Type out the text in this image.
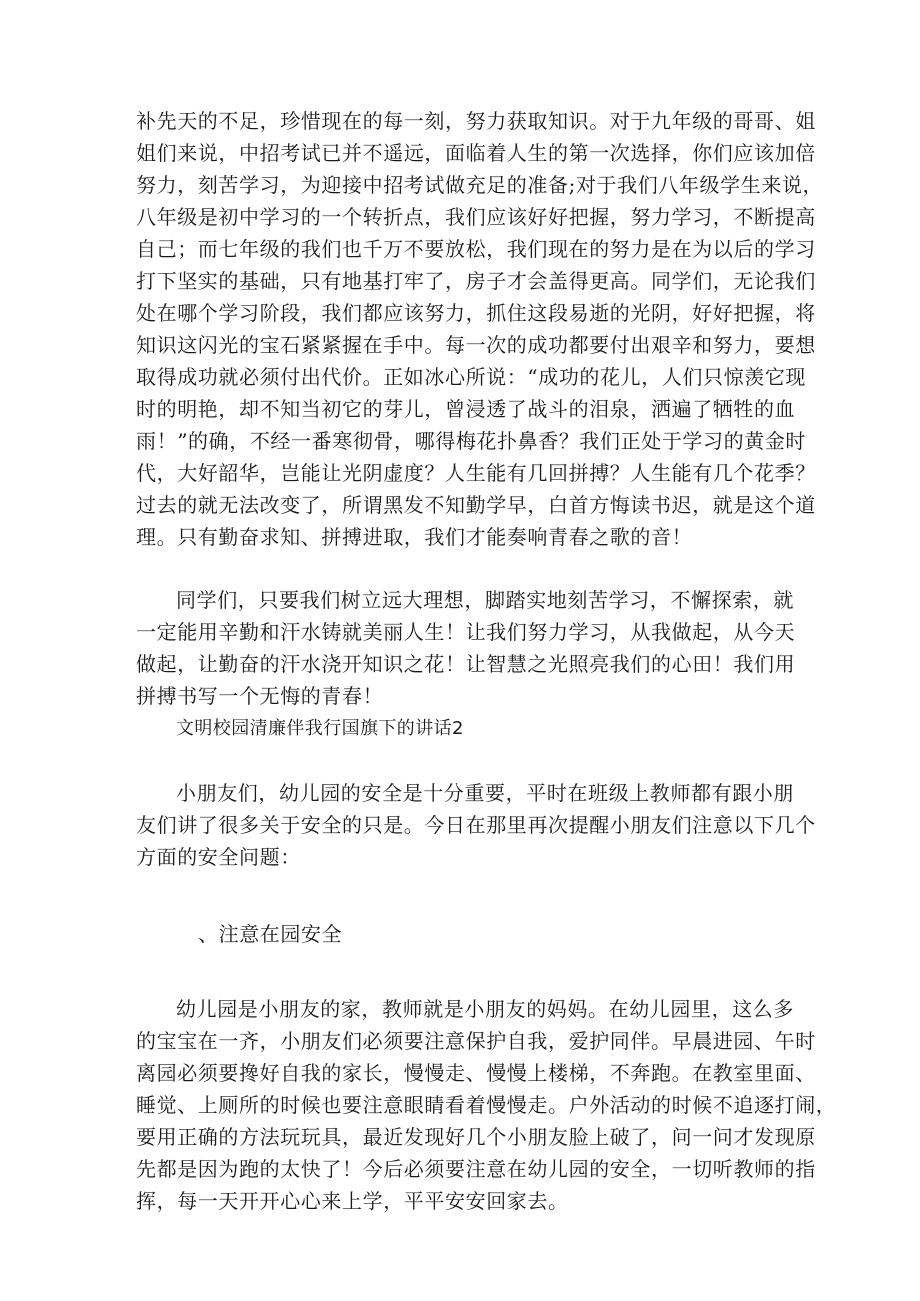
补先天的不足，珍惜现在的每一刻，努力获取知识。对于九年级的哥哥、姐
姐们来说，中招考试已并不遥远，面临着人生的第一次选择，你们应该加倍
努力，刻苦学习，为迎接中招考试做充足的准备;对于我们八年级学生来说，
八年级是初中学习的一个转折点，我们应该好好把握，努力学习，不断提高
自己；而七年级的我们也千万不要放松，我们现在的努力是在为以后的学习
打下坚实的基础，只有地基打牢了，房子才会盖得更高。同学们，无论我们
处在哪个学习阶段，我们都应该努力，抓住这段易逝的光阴，好好把握，将
知识这闪光的宝石紧紧握在手中。每一次的成功都要付出艰辛和努力，要想
取得成功就必须付出代价。正如冰心所说：“成功的花儿，人们只惊羡它现
时的明艳，却不知当初它的芽儿，曾浸透了战斗的泪泉，洒遍了牺牲的血
雨！”的确，不经一番寒彻骨，哪得梅花扑鼻香？我们正处于学习的黄金时
代，大好韶华，岂能让光阴虚度？人生能有几回拼搏？人生能有几个花季？
过去的就无法改变了，所谓黑发不知勤学早，白首方悔读书迟，就是这个道
理。只有勤奋求知、拼搏进取，我们才能奏响青春之歌的音！
同学们，只要我们树立远大理想，脚踏实地刻苦学习，不懈探索，就
一定能用辛勤和汗水铸就美丽人生！让我们努力学习，从我做起，从今天
做起，让勤奋的汗水浇开知识之花！让智慧之光照亮我们的心田！我们用
拼搏书写一个无悔的青春！
文明校园清廉伴我行国旗下的讲话2
小朋友们，幼儿园的安全是十分重要，平时在班级上教师都有跟小朋
友们讲了很多关于安全的只是。今日在那里再次提醒小朋友们注意以下几个
方面的安全问题：
、注意在园安全
幼儿园是小朋友的家，教师就是小朋友的妈妈。在幼儿园里，这么多
的宝宝在一齐，小朋友们必须要注意保护自我，爱护同伴。早晨进园、午时
离园必须要搀好自我的家长，慢慢走、慢慢上楼梯，不奔跑。在教室里面、
睡觉、上厕所的时候也要注意眼睛看着慢慢走。户外活动的时候不追逐打闹，
要用正确的方法玩玩具，最近发现好几个小朋友脸上破了，问一问才发现原
先都是因为跑的太快了！今后必须要注意在幼儿园的安全，一切听教师的指
挥，每一天开开心心来上学，平平安安回家去。
